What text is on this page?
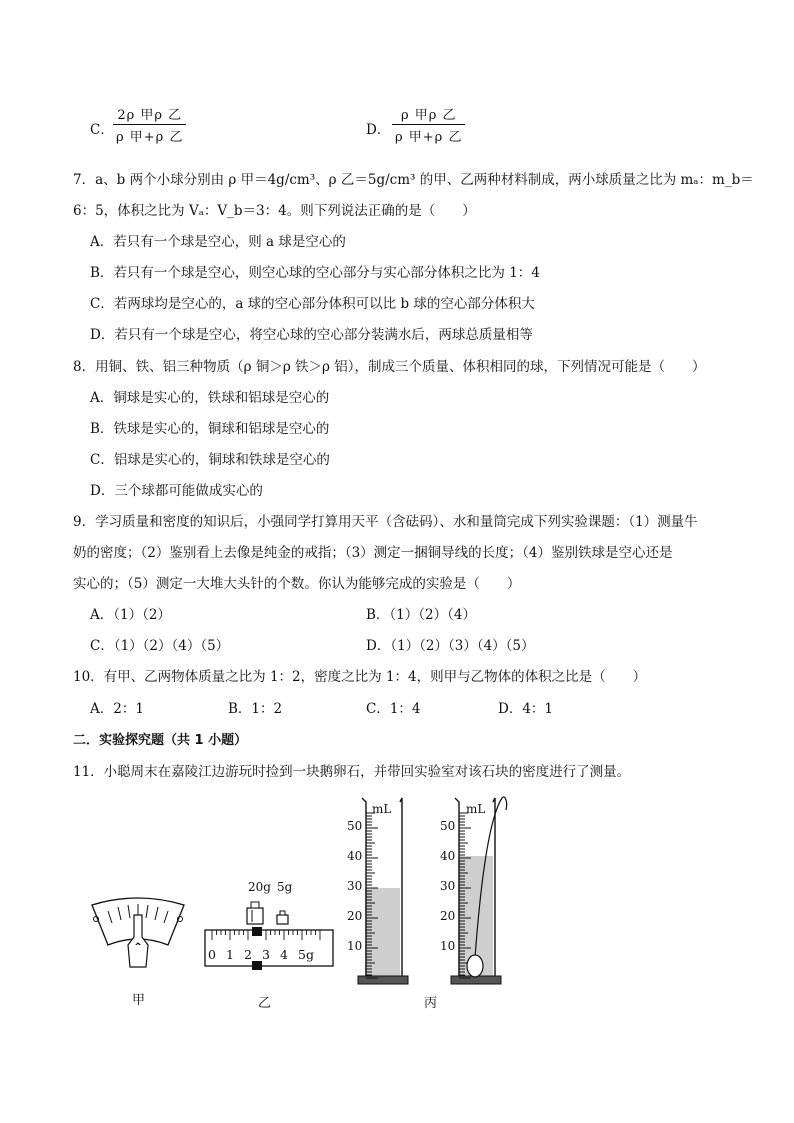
C．
2ρ 甲ρ 乙
ρ 甲+ρ 乙	D．
ρ 甲ρ 乙
ρ 甲+ρ 乙
7．a、b 两个小球分别由 ρ 甲＝4g/cm³、ρ 乙＝5g/cm³ 的甲、乙两种材料制成，两小球质量之比为 mₐ：m_b＝
6：5，体积之比为 Vₐ：V_b＝3：4。则下列说法正确的是（　　）
A．若只有一个球是空心，则 a 球是空心的
B．若只有一个球是空心，则空心球的空心部分与实心部分体积之比为 1：4
C．若两球均是空心的，a 球的空心部分体积可以比 b 球的空心部分体积大
D．若只有一个球是空心，将空心球的空心部分装满水后，两球总质量相等
8．用铜、铁、铝三种物质（ρ 铜＞ρ 铁＞ρ 铝），制成三个质量、体积相同的球，下列情况可能是（　　）
A．铜球是实心的，铁球和铝球是空心的
B．铁球是实心的，铜球和铝球是空心的
C．铝球是实心的，铜球和铁球是空心的
D．三个球都可能做成实心的
9．学习质量和密度的知识后，小强同学打算用天平（含砝码）、水和量筒完成下列实验课题：（1）测量牛
奶的密度；（2）鉴别看上去像是纯金的戒指；（3）测定一捆铜导线的长度；（4）鉴别铁球是空心还是
实心的；（5）测定一大堆大头针的个数。你认为能够完成的实验是（　　）
A．（1）（2）	B．（1）（2）（4）
C．（1）（2）（4）（5）	D．（1）（2）（3）（4）（5）
10．有甲、乙两物体质量之比为 1：2，密度之比为 1：4，则甲与乙物体的体积之比是（　　）
A．2：1	B．1：2	C．1：4	D．4：1
二．实验探究题（共 1 小题）
11．小聪周末在嘉陵江边游玩时捡到一块鹅卵石，并带回实验室对该石块的密度进行了测量。
甲
20g 5g
0 1 2 3 4 5g
乙
mL	mL
50	50
40	40
30	30
20	20
10	10
丙
